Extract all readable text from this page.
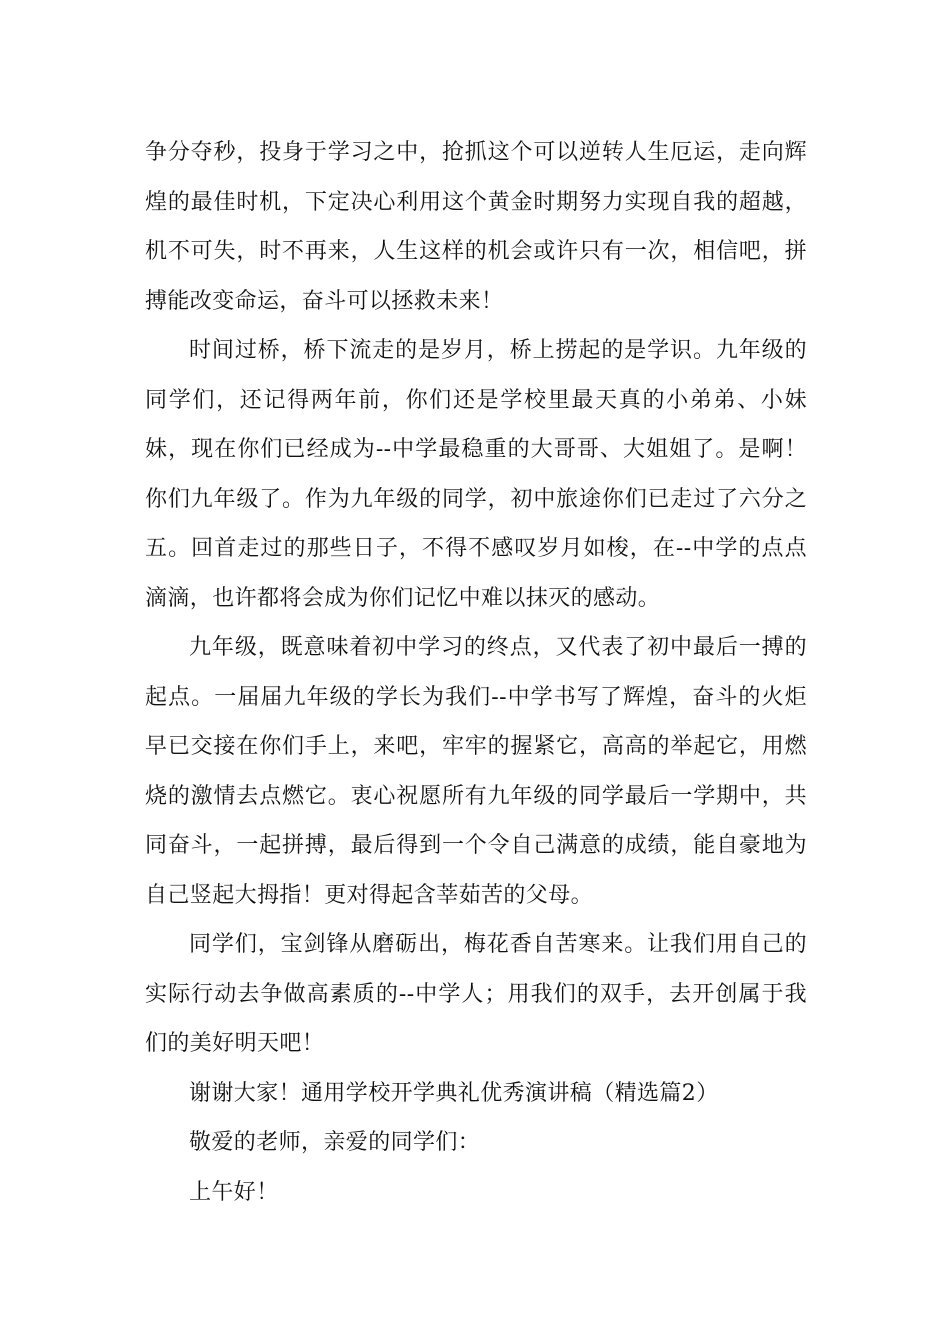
争分夺秒，投身于学习之中，抢抓这个可以逆转人生厄运，走向辉煌的最佳时机，下定决心利用这个黄金时期努力实现自我的超越，机不可失，时不再来，人生这样的机会或许只有一次，相信吧，拼搏能改变命运，奋斗可以拯救未来！

时间过桥，桥下流走的是岁月，桥上捞起的是学识。九年级的同学们，还记得两年前，你们还是学校里最天真的小弟弟、小妹妹，现在你们已经成为--中学最稳重的大哥哥、大姐姐了。是啊！你们九年级了。作为九年级的同学，初中旅途你们已走过了六分之五。回首走过的那些日子，不得不感叹岁月如梭，在--中学的点点滴滴，也许都将会成为你们记忆中难以抹灭的感动。

九年级，既意味着初中学习的终点，又代表了初中最后一搏的起点。一届届九年级的学长为我们--中学书写了辉煌，奋斗的火炬早已交接在你们手上，来吧，牢牢的握紧它，高高的举起它，用燃烧的激情去点燃它。衷心祝愿所有九年级的同学最后一学期中，共同奋斗，一起拼搏，最后得到一个令自己满意的成绩，能自豪地为自己竖起大拇指！更对得起含莘茹苦的父母。

同学们，宝剑锋从磨砺出，梅花香自苦寒来。让我们用自己的实际行动去争做高素质的--中学人；用我们的双手，去开创属于我们的美好明天吧！

谢谢大家！通用学校开学典礼优秀演讲稿（精选篇2）

敬爱的老师，亲爱的同学们：

上午好！
